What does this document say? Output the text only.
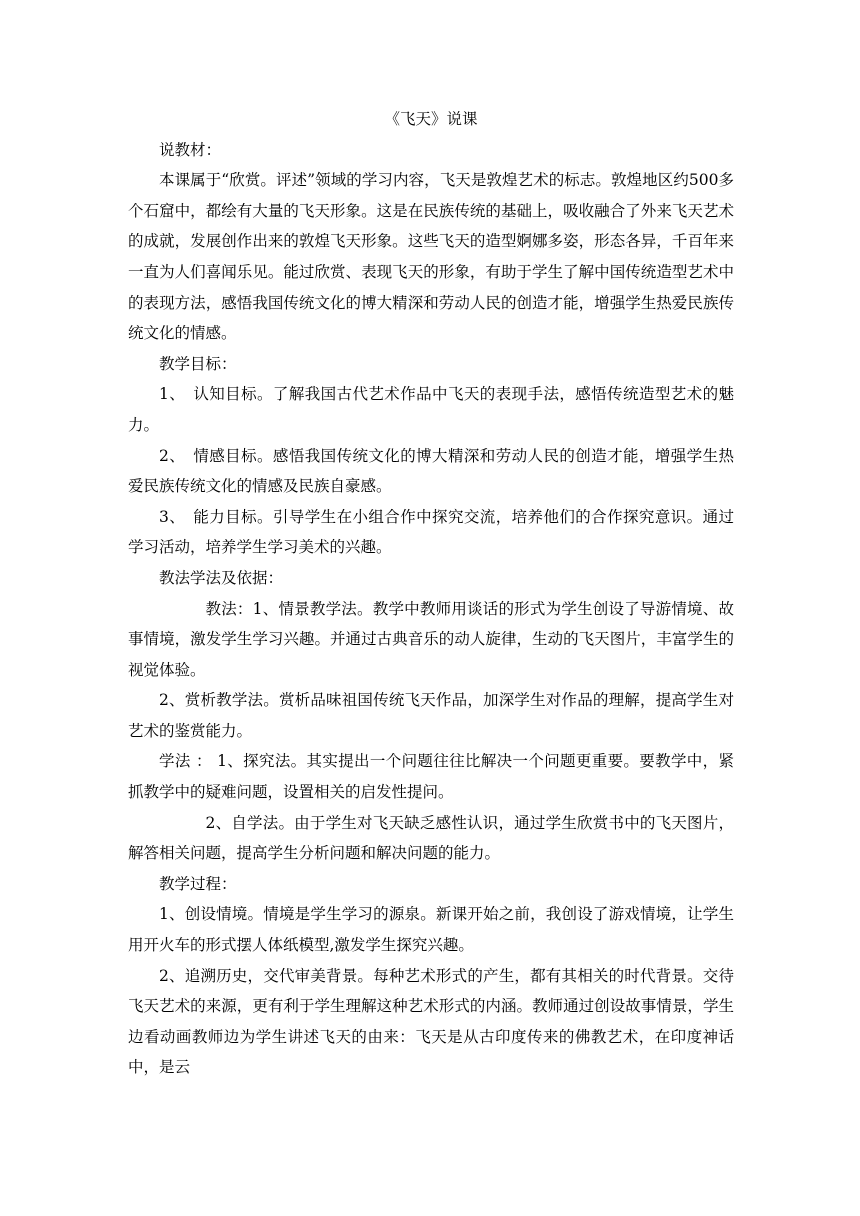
《飞天》说课

说教材：

本课属于“欣赏。评述”领域的学习内容，飞天是敦煌艺术的标志。敦煌地区约500多个石窟中，都绘有大量的飞天形象。这是在民族传统的基础上，吸收融合了外来飞天艺术的成就，发展创作出来的敦煌飞天形象。这些飞天的造型婀娜多姿，形态各异，千百年来一直为人们喜闻乐见。能过欣赏、表现飞天的形象，有助于学生了解中国传统造型艺术中的表现方法，感悟我国传统文化的博大精深和劳动人民的创造才能，增强学生热爱民族传统文化的情感。

教学目标：

1、　认知目标。了解我国古代艺术作品中飞天的表现手法，感悟传统造型艺术的魅力。

2、　情感目标。感悟我国传统文化的博大精深和劳动人民的创造才能，增强学生热爱民族传统文化的情感及民族自豪感。

3、　能力目标。引导学生在小组合作中探究交流，培养他们的合作探究意识。通过学习活动，培养学生学习美术的兴趣。

教法学法及依据：

教法：1、情景教学法。教学中教师用谈话的形式为学生创设了导游情境、故事情境，激发学生学习兴趣。并通过古典音乐的动人旋律，生动的飞天图片，丰富学生的视觉体验。

2、赏析教学法。赏析品味祖国传统飞天作品，加深学生对作品的理解，提高学生对艺术的鉴赏能力。

学法 ： 1、探究法。其实提出一个问题往往比解决一个问题更重要。要教学中，紧抓教学中的疑难问题，设置相关的启发性提问。

2、自学法。由于学生对飞天缺乏感性认识，通过学生欣赏书中的飞天图片，解答相关问题，提高学生分析问题和解决问题的能力。

教学过程：

1、创设情境。情境是学生学习的源泉。新课开始之前，我创设了游戏情境，让学生用开火车的形式摆人体纸模型,激发学生探究兴趣。

2、追溯历史，交代审美背景。每种艺术形式的产生，都有其相关的时代背景。交待飞天艺术的来源，更有利于学生理解这种艺术形式的内涵。教师通过创设故事情景，学生边看动画教师边为学生讲述飞天的由来：飞天是从古印度传来的佛教艺术，在印度神话中，是云
